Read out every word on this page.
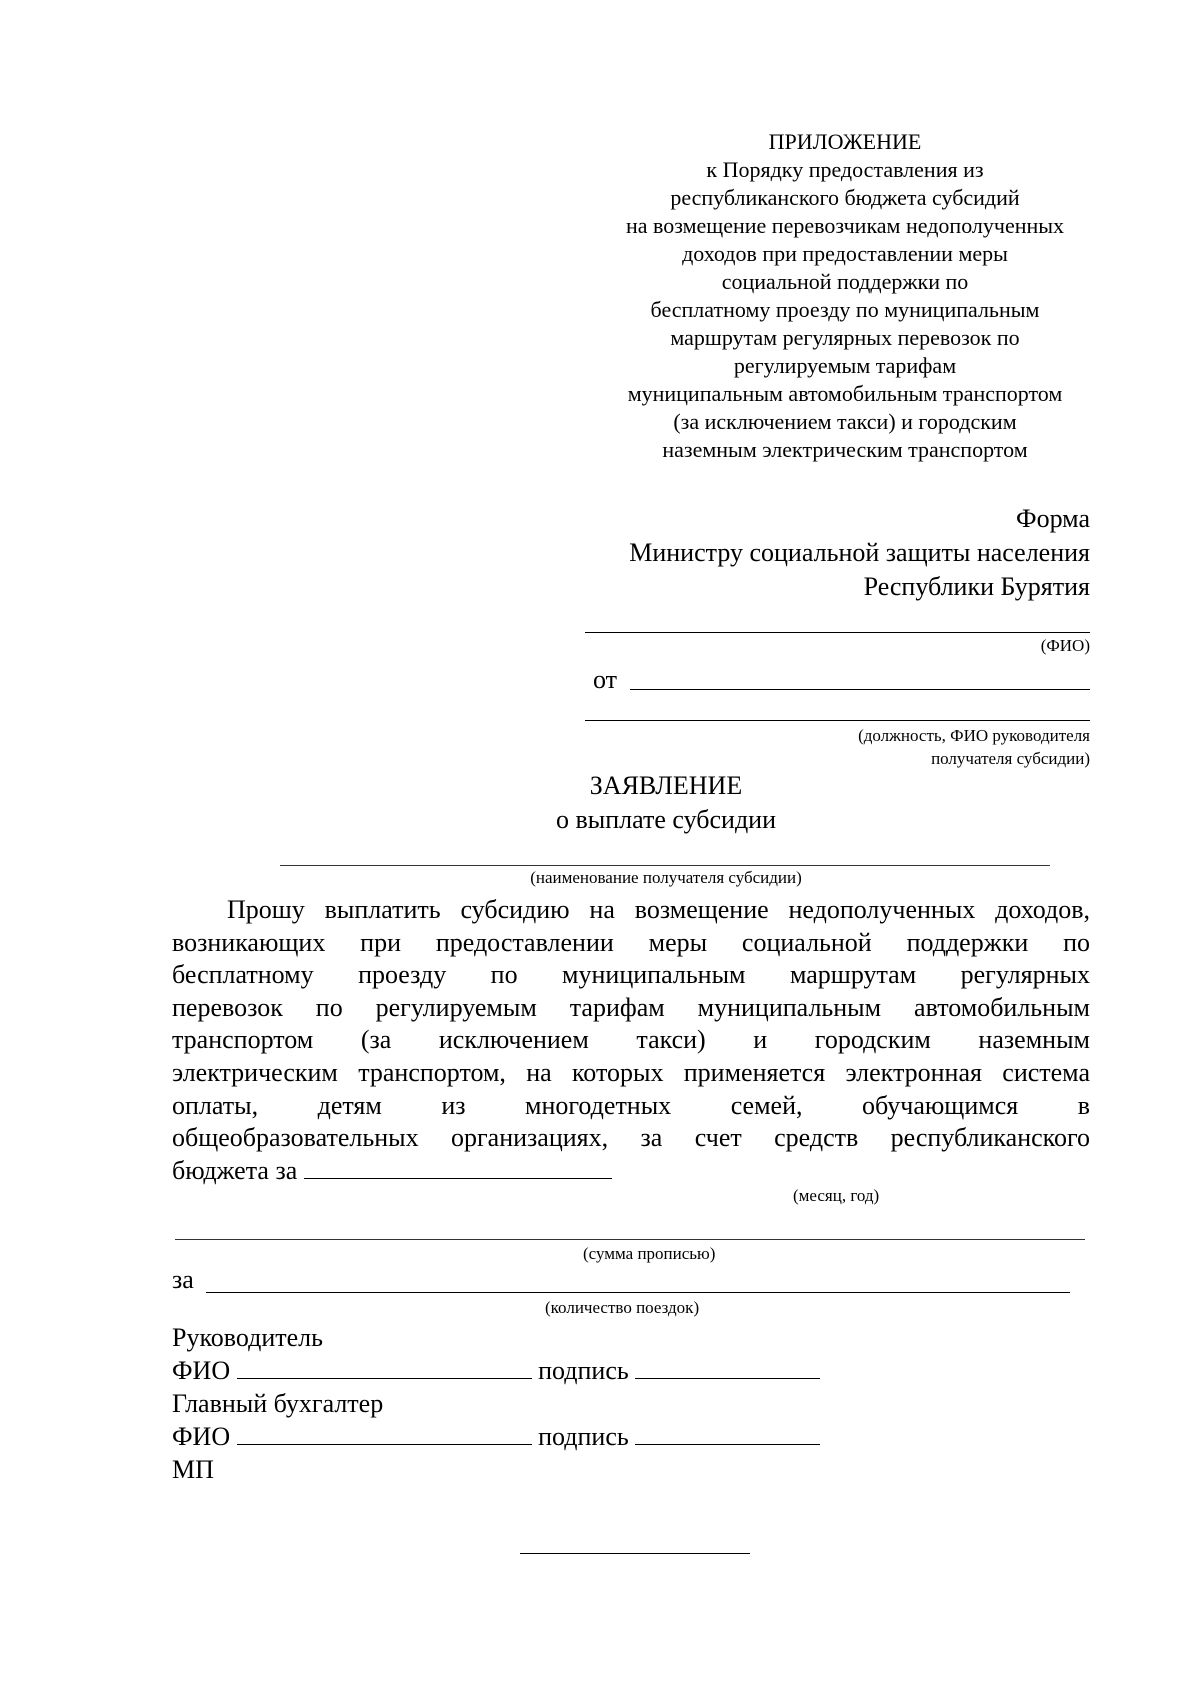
ПРИЛОЖЕНИЕ
к Порядку предоставления из
республиканского бюджета субсидий
на возмещение перевозчикам недополученных
доходов при предоставлении меры
социальной поддержки по
бесплатному проезду по муниципальным
маршрутам регулярных перевозок по
регулируемым тарифам
муниципальным автомобильным транспортом
(за исключением такси) и городским
наземным электрическим транспортом
Форма
Министру социальной защиты населения
Республики Бурятия
(ФИО)
от
(должность, ФИО руководителя
получателя субсидии)
ЗАЯВЛЕНИЕ
о выплате субсидии
(наименование получателя субсидии)
Прошу выплатить субсидию на возмещение недополученных доходов,
возникающих при предоставлении меры социальной поддержки по
бесплатному проезду по муниципальным маршрутам регулярных
перевозок по регулируемым тарифам муниципальным автомобильным
транспортом (за исключением такси) и городским наземным
электрическим транспортом, на которых применяется электронная система
оплаты, детям из многодетных семей, обучающимся в
общеобразовательных организациях, за счет средств республиканского
бюджета за
(месяц, год)
(сумма прописью)
за
(количество поездок)
Руководитель
ФИО	подпись
Главный бухгалтер
ФИО	подпись
МП
